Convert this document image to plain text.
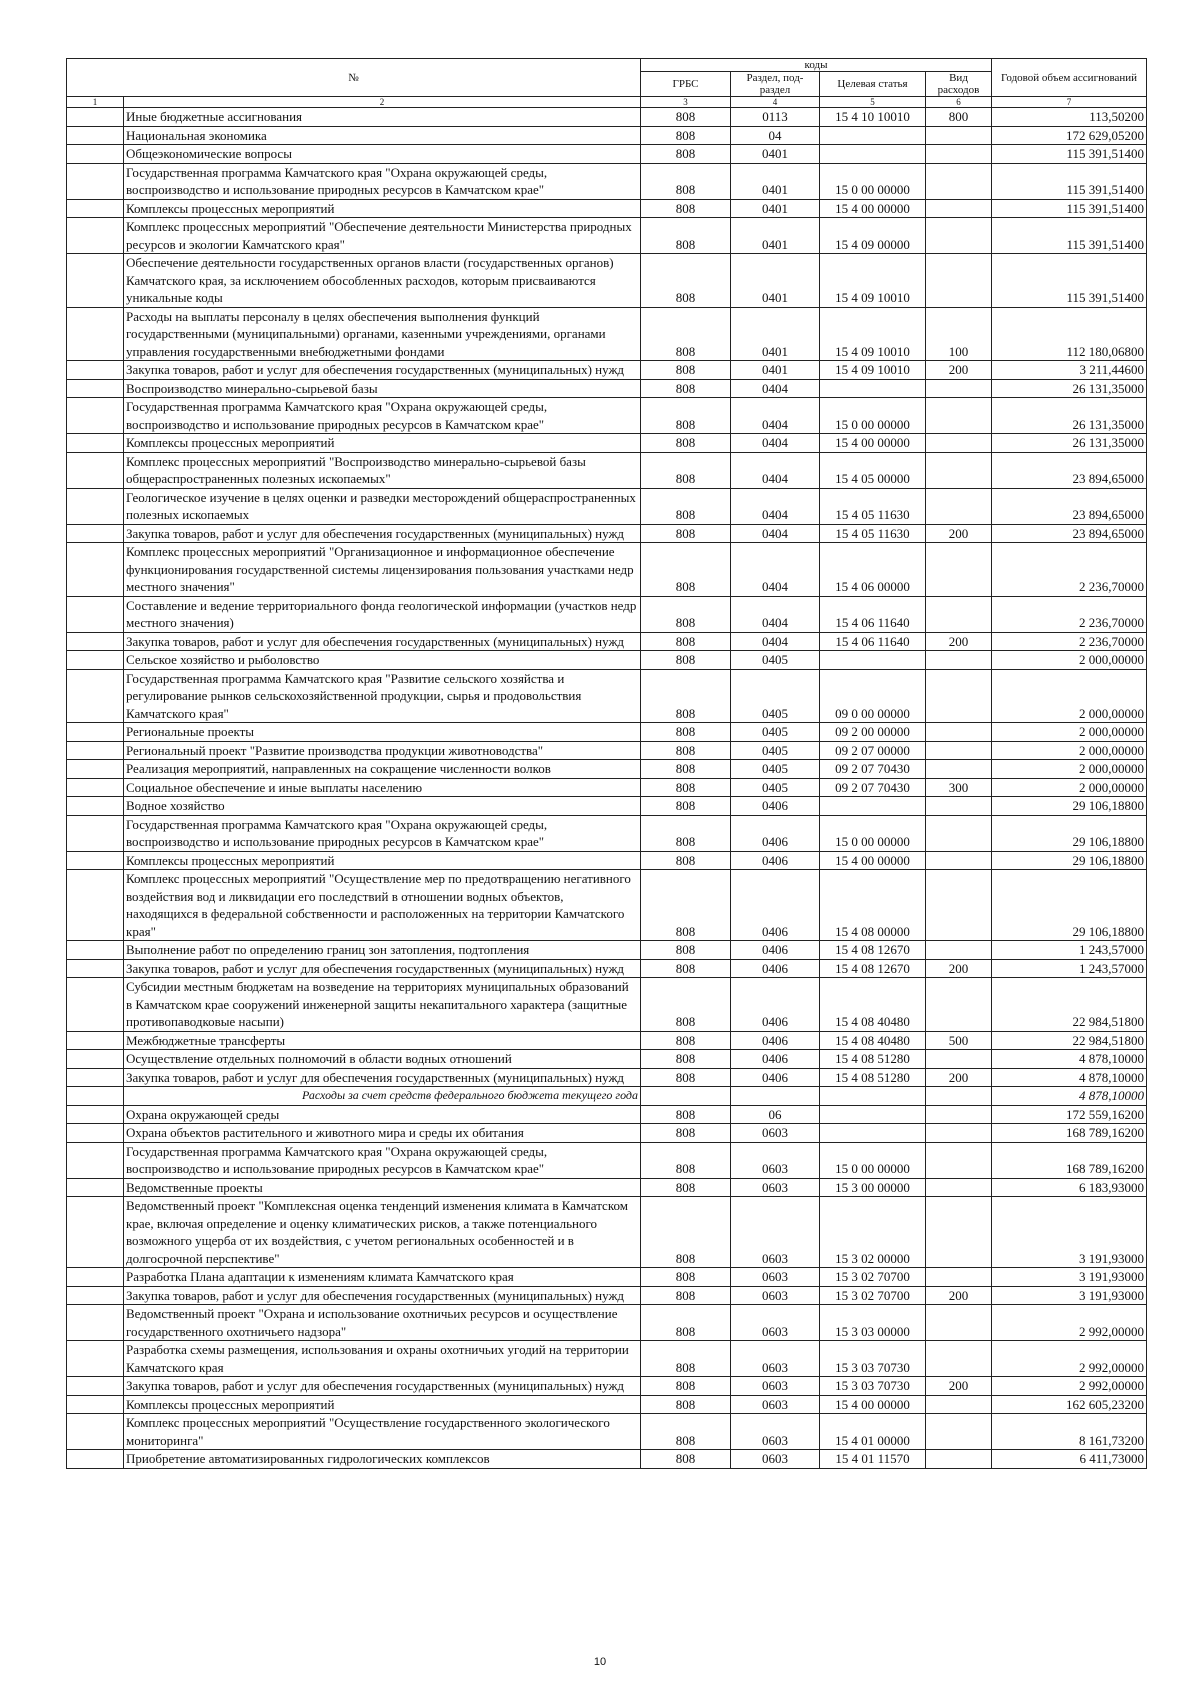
№		коды				Годовой объем ассигнований
		ГРБС	Раздел, под-раздел	Целевая статья	Вид расходов	
1	2	3	4	5	6	7
	Иные бюджетные ассигнования	808	0113	15 4 10 10010	800	113,50200
	Национальная экономика	808	04			172 629,05200
	Общеэкономические вопросы	808	0401			115 391,51400
	Государственная программа Камчатского края "Охрана окружающей среды, воспроизводство и использование природных ресурсов в Камчатском крае"	808	0401	15 0 00 00000		115 391,51400
	Комплексы процессных мероприятий	808	0401	15 4 00 00000		115 391,51400
	Комплекс процессных мероприятий "Обеспечение деятельности Министерства природных ресурсов и экологии Камчатского края"	808	0401	15 4 09 00000		115 391,51400
	Обеспечение деятельности государственных органов власти (государственных органов) Камчатского края, за исключением обособленных расходов, которым присваиваются уникальные коды	808	0401	15 4 09 10010		115 391,51400
	Расходы на выплаты персоналу в целях обеспечения выполнения функций государственными (муниципальными) органами, казенными учреждениями, органами управления государственными внебюджетными фондами	808	0401	15 4 09 10010	100	112 180,06800
	Закупка товаров, работ и услуг для обеспечения государственных (муниципальных) нужд	808	0401	15 4 09 10010	200	3 211,44600
	Воспроизводство минерально-сырьевой базы	808	0404			26 131,35000
	Государственная программа Камчатского края "Охрана окружающей среды, воспроизводство и использование природных ресурсов в Камчатском крае"	808	0404	15 0 00 00000		26 131,35000
	Комплексы процессных мероприятий	808	0404	15 4 00 00000		26 131,35000
	Комплекс процессных мероприятий "Воспроизводство минерально-сырьевой базы общераспространенных полезных ископаемых"	808	0404	15 4 05 00000		23 894,65000
	Геологическое изучение в целях оценки и разведки месторождений общераспространенных полезных ископаемых	808	0404	15 4 05 11630		23 894,65000
	Закупка товаров, работ и услуг для обеспечения государственных (муниципальных) нужд	808	0404	15 4 05 11630	200	23 894,65000
	Комплекс процессных мероприятий "Организационное и информационное обеспечение функционирования государственной системы лицензирования пользования участками недр местного значения"	808	0404	15 4 06 00000		2 236,70000
	Составление и ведение территориального фонда геологической информации (участков недр местного значения)	808	0404	15 4 06 11640		2 236,70000
	Закупка товаров, работ и услуг для обеспечения государственных (муниципальных) нужд	808	0404	15 4 06 11640	200	2 236,70000
	Сельское хозяйство и рыболовство	808	0405			2 000,00000
	Государственная программа Камчатского края "Развитие сельского хозяйства и регулирование рынков сельскохозяйственной продукции, сырья и продовольствия Камчатского края"	808	0405	09 0 00 00000		2 000,00000
	Региональные проекты	808	0405	09 2 00 00000		2 000,00000
	Региональный проект "Развитие производства продукции животноводства"	808	0405	09 2 07 00000		2 000,00000
	Реализация мероприятий, направленных на сокращение численности волков	808	0405	09 2 07 70430		2 000,00000
	Социальное обеспечение и иные выплаты населению	808	0405	09 2 07 70430	300	2 000,00000
	Водное хозяйство	808	0406			29 106,18800
	Государственная программа Камчатского края "Охрана окружающей среды, воспроизводство и использование природных ресурсов в Камчатском крае"	808	0406	15 0 00 00000		29 106,18800
	Комплексы процессных мероприятий	808	0406	15 4 00 00000		29 106,18800
	Комплекс процессных мероприятий "Осуществление мер по предотвращению негативного воздействия вод и ликвидации его последствий в отношении водных объектов, находящихся в федеральной собственности и расположенных на территории Камчатского края"	808	0406	15 4 08 00000		29 106,18800
	Выполнение работ по определению границ зон затопления, подтопления	808	0406	15 4 08 12670		1 243,57000
	Закупка товаров, работ и услуг для обеспечения государственных (муниципальных) нужд	808	0406	15 4 08 12670	200	1 243,57000
	Субсидии местным бюджетам на возведение на территориях муниципальных образований в Камчатском крае сооружений инженерной защиты некапитального характера (защитные противопаводковые насыпи)	808	0406	15 4 08 40480		22 984,51800
	Межбюджетные трансферты	808	0406	15 4 08 40480	500	22 984,51800
	Осуществление отдельных полномочий в области водных отношений	808	0406	15 4 08 51280		4 878,10000
	Закупка товаров, работ и услуг для обеспечения государственных (муниципальных) нужд	808	0406	15 4 08 51280	200	4 878,10000
	Расходы за счет средств федерального бюджета текущего года					4 878,10000
	Охрана окружающей среды	808	06			172 559,16200
	Охрана объектов растительного и животного мира и среды их обитания	808	0603			168 789,16200
	Государственная программа Камчатского края "Охрана окружающей среды, воспроизводство и использование природных ресурсов в Камчатском крае"	808	0603	15 0 00 00000		168 789,16200
	Ведомственные проекты	808	0603	15 3 00 00000		6 183,93000
	Ведомственный проект "Комплексная оценка тенденций изменения климата в Камчатском крае, включая определение и оценку климатических рисков, а также потенциального возможного ущерба от их воздействия, с учетом региональных особенностей и в долгосрочной перспективе"	808	0603	15 3 02 00000		3 191,93000
	Разработка Плана адаптации к изменениям климата Камчатского края	808	0603	15 3 02 70700		3 191,93000
	Закупка товаров, работ и услуг для обеспечения государственных (муниципальных) нужд	808	0603	15 3 02 70700	200	3 191,93000
	Ведомственный проект "Охрана и использование охотничьих ресурсов и осуществление государственного охотничьего надзора"	808	0603	15 3 03 00000		2 992,00000
	Разработка схемы размещения, использования и охраны охотничьих угодий на территории Камчатского края	808	0603	15 3 03 70730		2 992,00000
	Закупка товаров, работ и услуг для обеспечения государственных (муниципальных) нужд	808	0603	15 3 03 70730	200	2 992,00000
	Комплексы процессных мероприятий	808	0603	15 4 00 00000		162 605,23200
	Комплекс процессных мероприятий "Осуществление государственного экологического мониторинга"	808	0603	15 4 01 00000		8 161,73200
	Приобретение автоматизированных гидрологических комплексов	808	0603	15 4 01 11570		6 411,73000
10
